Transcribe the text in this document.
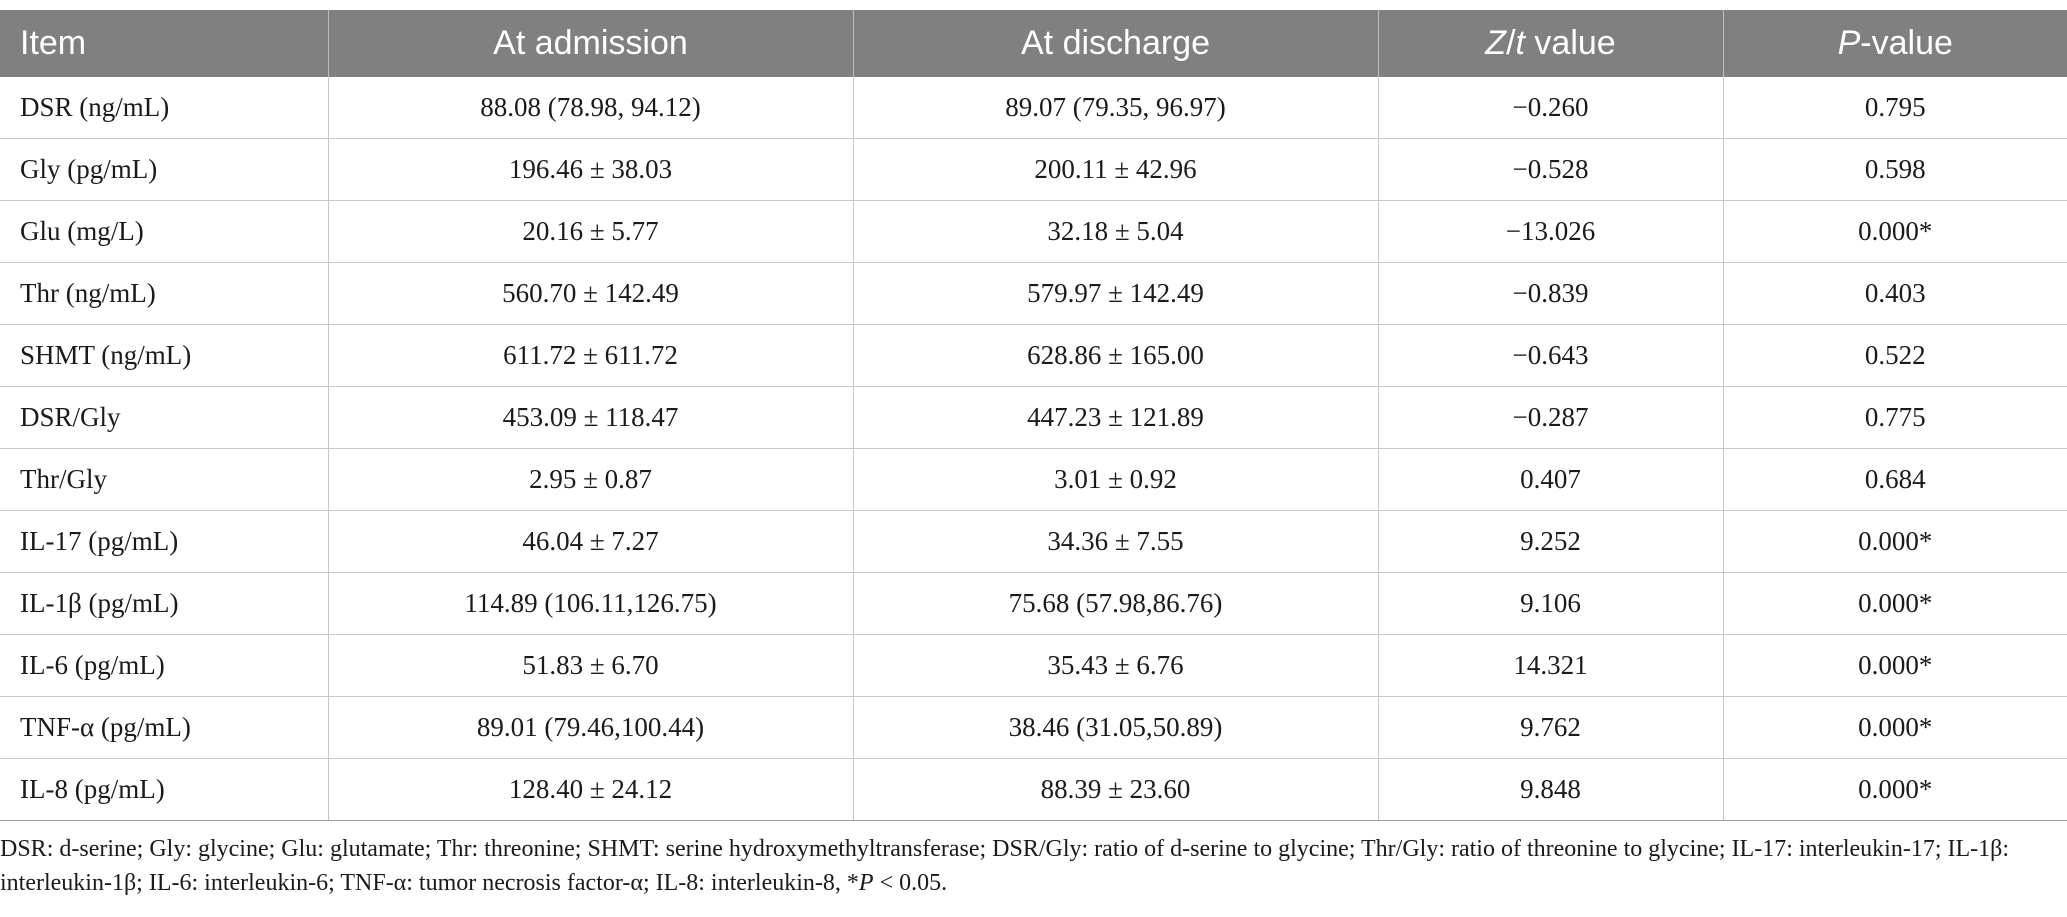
Item	At admission	At discharge	Z/t value	P-value
DSR (ng/mL)	88.08 (78.98, 94.12)	89.07 (79.35, 96.97)	−0.260	0.795
Gly (pg/mL)	196.46 ± 38.03	200.11 ± 42.96	−0.528	0.598
Glu (mg/L)	20.16 ± 5.77	32.18 ± 5.04	−13.026	0.000*
Thr (ng/mL)	560.70 ± 142.49	579.97 ± 142.49	−0.839	0.403
SHMT (ng/mL)	611.72 ± 611.72	628.86 ± 165.00	−0.643	0.522
DSR/Gly	453.09 ± 118.47	447.23 ± 121.89	−0.287	0.775
Thr/Gly	2.95 ± 0.87	3.01 ± 0.92	0.407	0.684
IL-17 (pg/mL)	46.04 ± 7.27	34.36 ± 7.55	9.252	0.000*
IL-1β (pg/mL)	114.89 (106.11,126.75)	75.68 (57.98,86.76)	9.106	0.000*
IL-6 (pg/mL)	51.83 ± 6.70	35.43 ± 6.76	14.321	0.000*
TNF-α (pg/mL)	89.01 (79.46,100.44)	38.46 (31.05,50.89)	9.762	0.000*
IL-8 (pg/mL)	128.40 ± 24.12	88.39 ± 23.60	9.848	0.000*
DSR: d-serine; Gly: glycine; Glu: glutamate; Thr: threonine; SHMT: serine hydroxymethyltransferase; DSR/Gly: ratio of d-serine to glycine; Thr/Gly: ratio of threonine to glycine; IL-17: interleukin-17; IL-1β: interleukin-1β; IL-6: interleukin-6; TNF-α: tumor necrosis factor-α; IL-8: interleukin-8, *P < 0.05.
